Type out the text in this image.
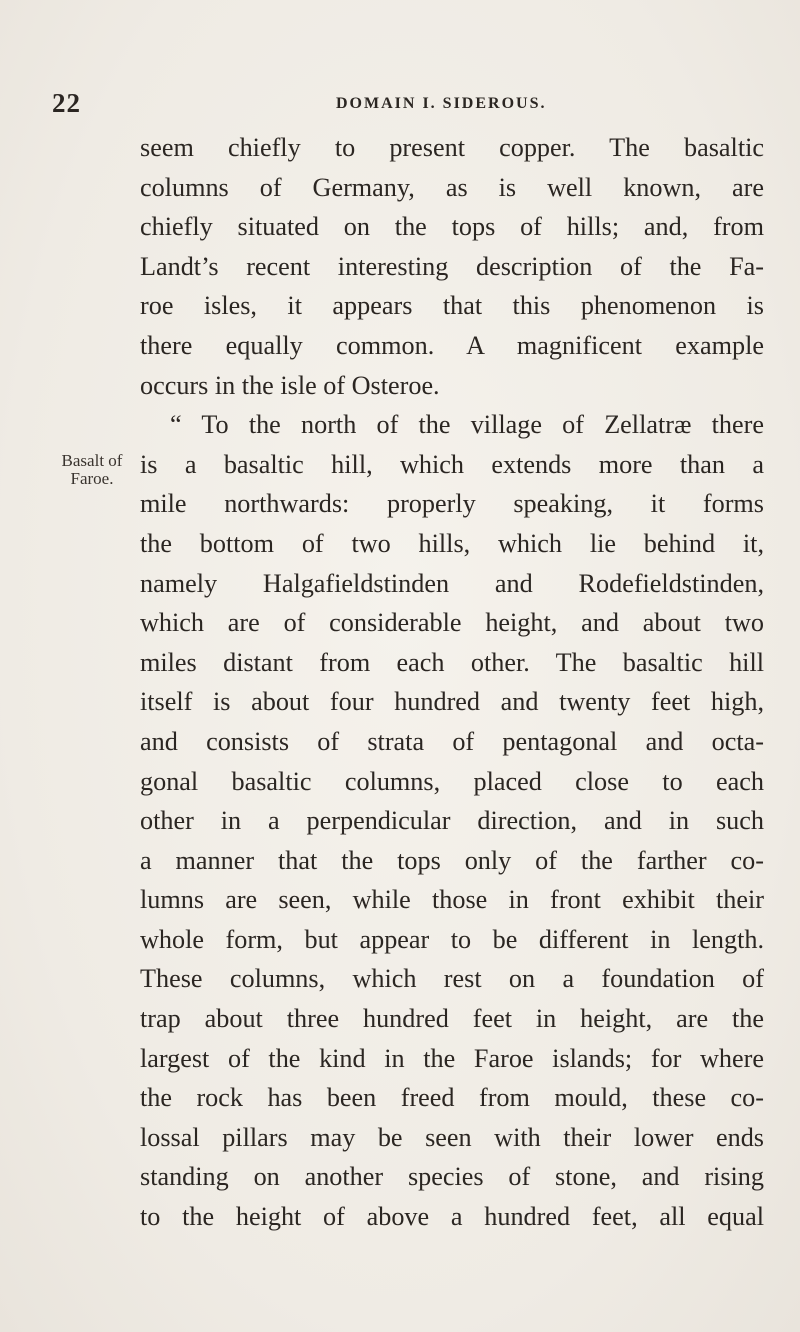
22	DOMAIN I. SIDEROUS.
Basalt of
Faroe.
seem chiefly to present copper. The basaltic
columns of Germany, as is well known, are
chiefly situated on the tops of hills; and, from
Landt’s recent interesting description of the Fa-
roe isles, it appears that this phenomenon is
there equally common. A magnificent example
occurs in the isle of Osteroe.
“ To the north of the village of Zellatræ there
is a basaltic hill, which extends more than a
mile northwards: properly speaking, it forms
the bottom of two hills, which lie behind it,
namely Halgafieldstinden and Rodefieldstinden,
which are of considerable height, and about two
miles distant from each other. The basaltic hill
itself is about four hundred and twenty feet high,
and consists of strata of pentagonal and octa-
gonal basaltic columns, placed close to each
other in a perpendicular direction, and in such
a manner that the tops only of the farther co-
lumns are seen, while those in front exhibit their
whole form, but appear to be different in length.
These columns, which rest on a foundation of
trap about three hundred feet in height, are the
largest of the kind in the Faroe islands; for where
the rock has been freed from mould, these co-
lossal pillars may be seen with their lower ends
standing on another species of stone, and rising
to the height of above a hundred feet, all equal
